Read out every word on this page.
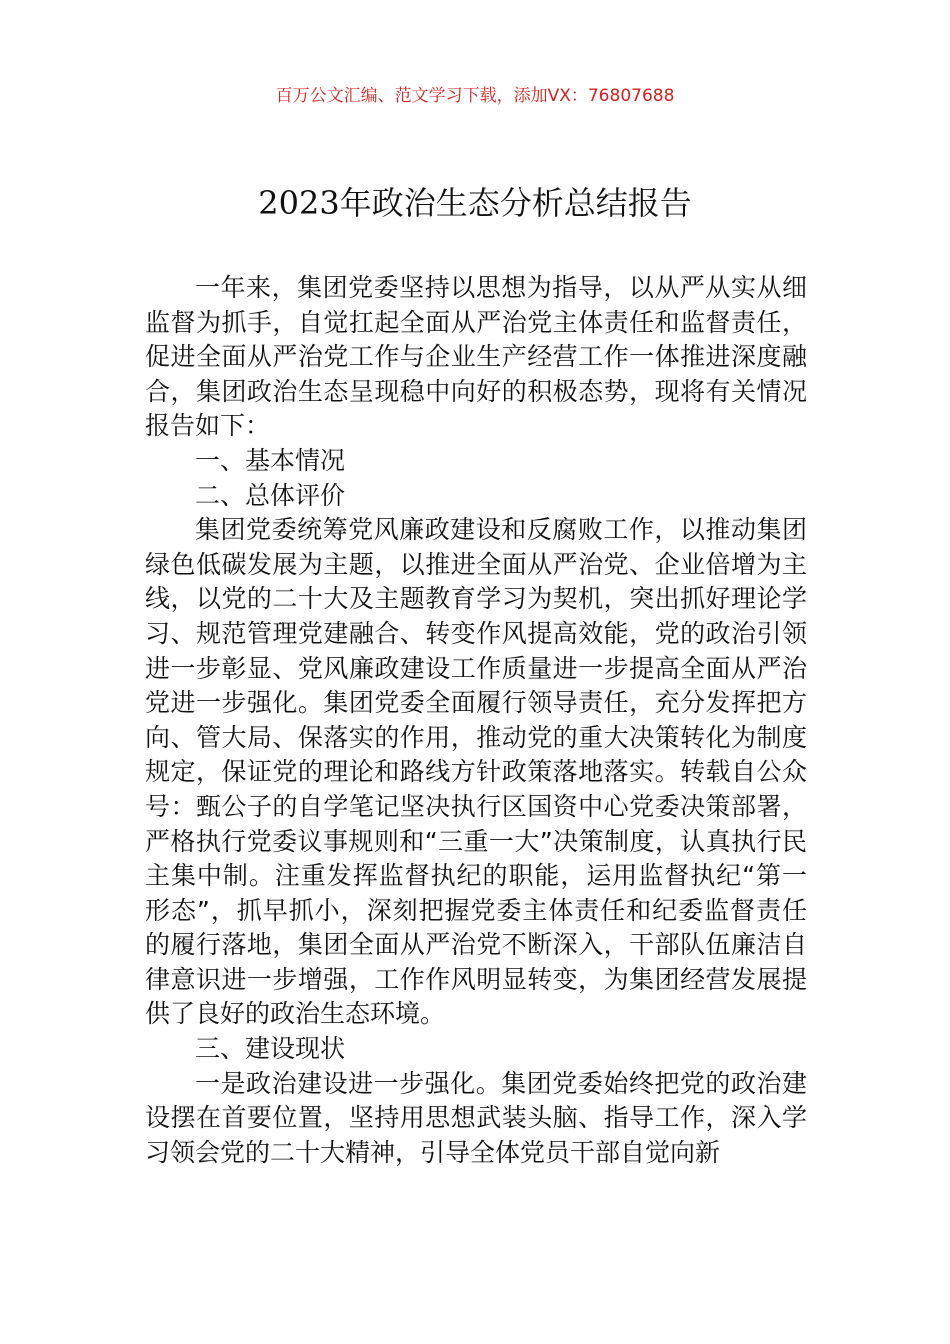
百万公文汇编、范文学习下载，添加VX：76807688
2023年政治生态分析总结报告

一年来，集团党委坚持以思想为指导，以从严从实从细监督为抓手，自觉扛起全面从严治党主体责任和监督责任，促进全面从严治党工作与企业生产经营工作一体推进深度融合，集团政治生态呈现稳中向好的积极态势，现将有关情况报告如下：

一、基本情况

二、总体评价

集团党委统筹党风廉政建设和反腐败工作，以推动集团绿色低碳发展为主题，以推进全面从严治党、企业倍增为主线，以党的二十大及主题教育学习为契机，突出抓好理论学习、规范管理党建融合、转变作风提高效能，党的政治引领进一步彰显、党风廉政建设工作质量进一步提高全面从严治党进一步强化。集团党委全面履行领导责任，充分发挥把方向、管大局、保落实的作用，推动党的重大决策转化为制度规定，保证党的理论和路线方针政策落地落实。转载自公众号：甄公子的自学笔记坚决执行区国资中心党委决策部署，严格执行党委议事规则和“三重一大”决策制度，认真执行民主集中制。注重发挥监督执纪的职能，运用监督执纪“第一形态”，抓早抓小，深刻把握党委主体责任和纪委监督责任的履行落地，集团全面从严治党不断深入，干部队伍廉洁自律意识进一步增强，工作作风明显转变，为集团经营发展提供了良好的政治生态环境。

三、建设现状

一是政治建设进一步强化。集团党委始终把党的政治建设摆在首要位置，坚持用思想武装头脑、指导工作，深入学习领会党的二十大精神，引导全体党员干部自觉向新
